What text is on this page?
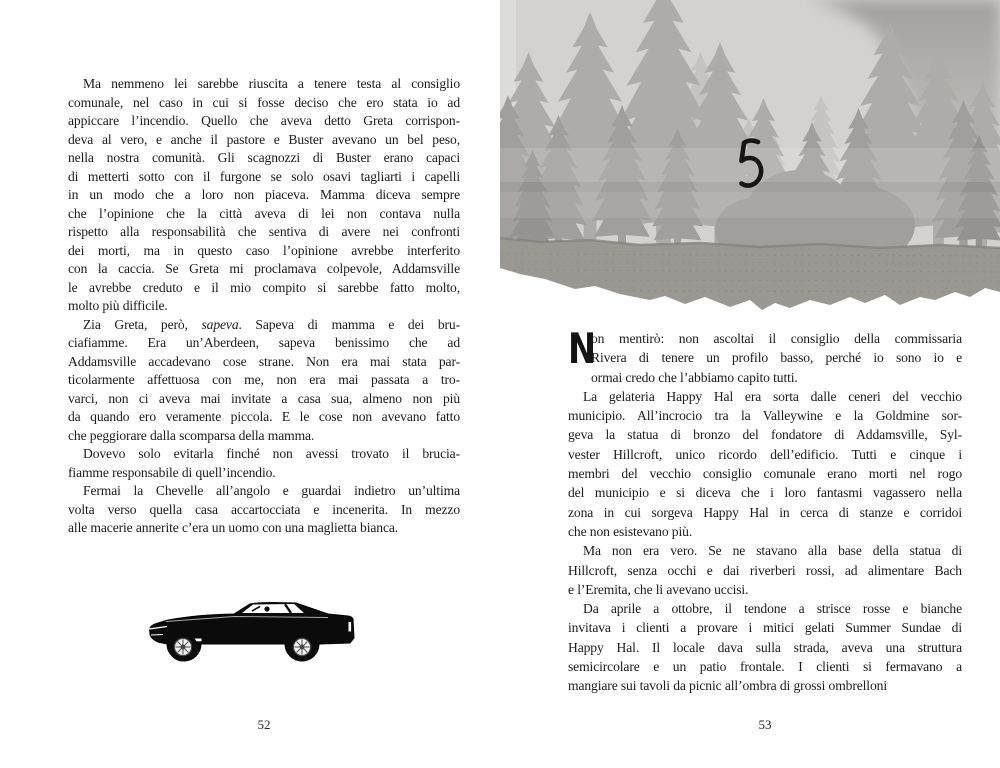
Ma nemmeno lei sarebbe riuscita a tenere testa al consiglio
comunale, nel caso in cui si fosse deciso che ero stata io ad
appiccare l’incendio. Quello che aveva detto Greta corrispon-
deva al vero, e anche il pastore e Buster avevano un bel peso,
nella nostra comunità. Gli scagnozzi di Buster erano capaci
di metterti sotto con il furgone se solo osavi tagliarti i capelli
in un modo che a loro non piaceva. Mamma diceva sempre
che l’opinione che la città aveva di lei non contava nulla
rispetto alla responsabilità che sentiva di avere nei confronti
dei morti, ma in questo caso l’opinione avrebbe interferito
con la caccia. Se Greta mi proclamava colpevole, Addamsville
le avrebbe creduto e il mio compito si sarebbe fatto molto,
molto più difficile.
Zia Greta, però, sapeva. Sapeva di mamma e dei bru-
ciafiamme. Era un’Aberdeen, sapeva benissimo che ad
Addamsville accadevano cose strane. Non era mai stata par-
ticolarmente affettuosa con me, non era mai passata a tro-
varci, non ci aveva mai invitate a casa sua, almeno non più
da quando ero veramente piccola. E le cose non avevano fatto
che peggiorare dalla scomparsa della mamma.
Dovevo solo evitarla finché non avessi trovato il brucia-
fiamme responsabile di quell’incendio.
Fermai la Chevelle all’angolo e guardai indietro un’ultima
volta verso quella casa accartocciata e incenerita. In mezzo
alle macerie annerite c’era un uomo con una maglietta bianca.
52
N
on mentirò: non ascoltai il consiglio della commissaria
Rivera di tenere un profilo basso, perché io sono io e
ormai credo che l’abbiamo capito tutti.
La gelateria Happy Hal era sorta dalle ceneri del vecchio
municipio. All’incrocio tra la Valleywine e la Goldmine sor-
geva la statua di bronzo del fondatore di Addamsville, Syl-
vester Hillcroft, unico ricordo dell’edificio. Tutti e cinque i
membri del vecchio consiglio comunale erano morti nel rogo
del municipio e si diceva che i loro fantasmi vagassero nella
zona in cui sorgeva Happy Hal in cerca di stanze e corridoi
che non esistevano più.
Ma non era vero. Se ne stavano alla base della statua di
Hillcroft, senza occhi e dai riverberi rossi, ad alimentare Bach
e l’Eremita, che li avevano uccisi.
Da aprile a ottobre, il tendone a strisce rosse e bianche
invitava i clienti a provare i mitici gelati Summer Sundae di
Happy Hal. Il locale dava sulla strada, aveva una struttura
semicircolare e un patio frontale. I clienti si fermavano a
mangiare sui tavoli da picnic all’ombra di grossi ombrelloni
53
